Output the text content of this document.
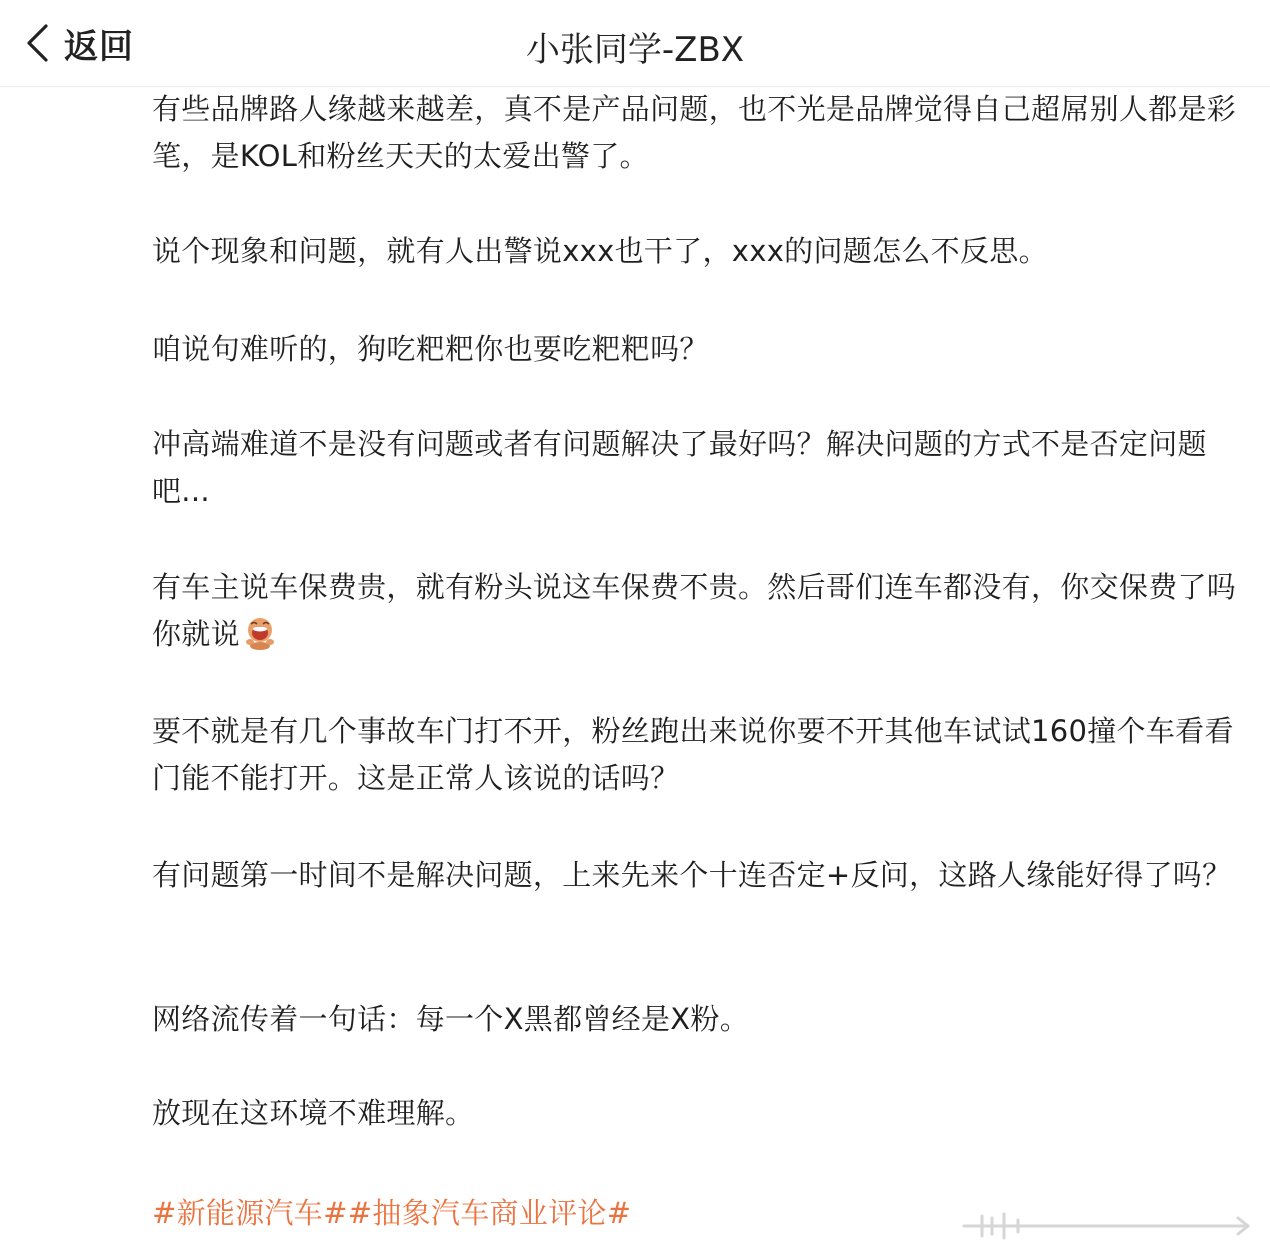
返回	小张同学-ZBX

有些品牌路人缘越来越差，真不是产品问题，也不光是品牌觉得自己超屌别人都是彩笔，是KOL和粉丝天天的太爱出警了。

说个现象和问题，就有人出警说xxx也干了，xxx的问题怎么不反思。

咱说句难听的，狗吃粑粑你也要吃粑粑吗？

冲高端难道不是没有问题或者有问题解决了最好吗？解决问题的方式不是否定问题吧...

有车主说车保费贵，就有粉头说这车保费不贵。然后哥们连车都没有，你交保费了吗你就说

要不就是有几个事故车门打不开，粉丝跑出来说你要不开其他车试试160撞个车看看门能不能打开。这是正常人该说的话吗？

有问题第一时间不是解决问题，上来先来个十连否定+反问，这路人缘能好得了吗？

网络流传着一句话：每一个X黑都曾经是X粉。

放现在这环境不难理解。

#新能源汽车##抽象汽车商业评论#
